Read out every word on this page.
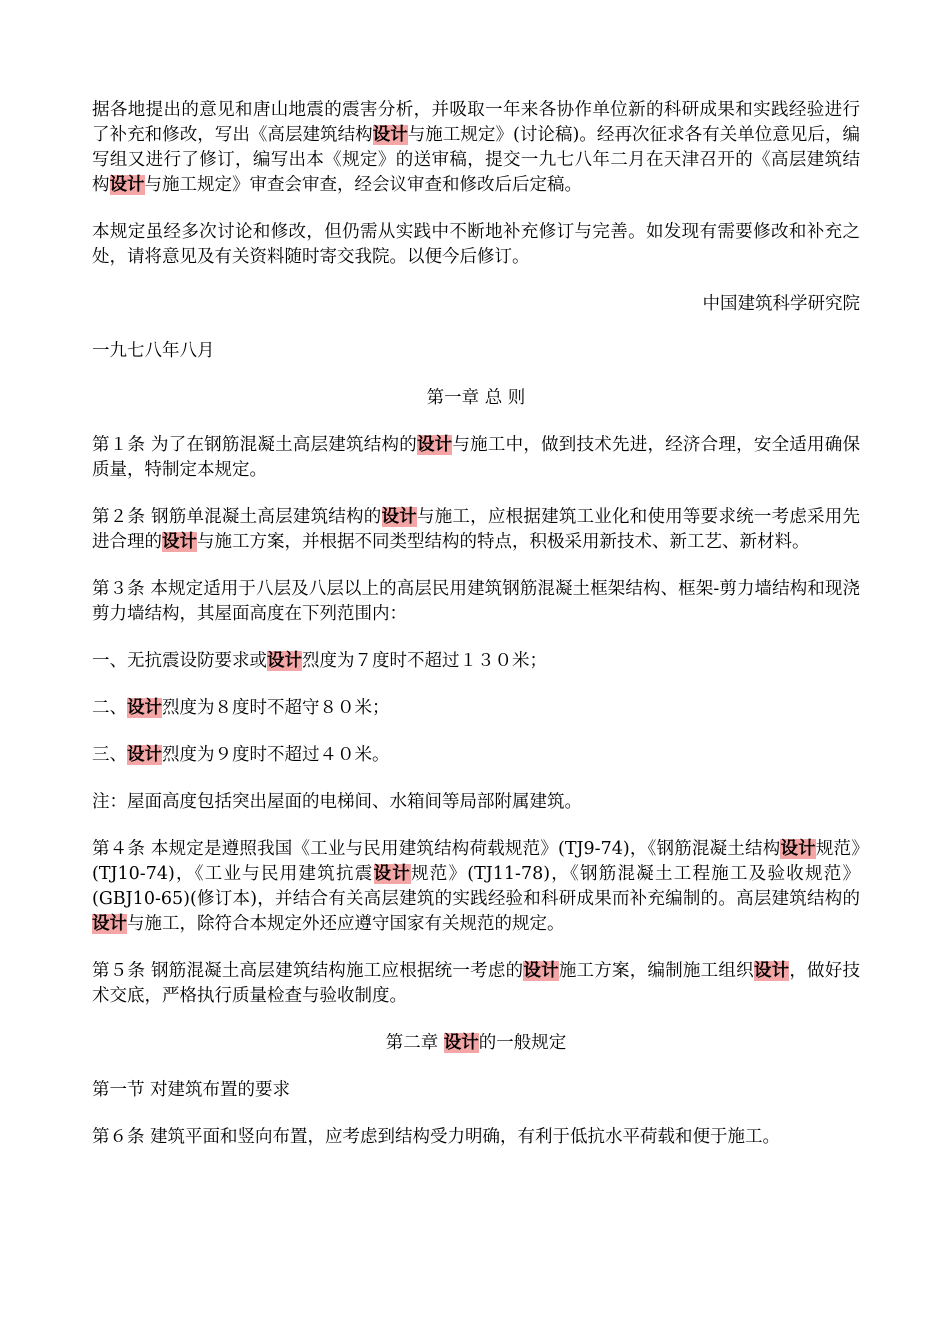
据各地提出的意见和唐山地震的震害分析，并吸取一年来各协作单位新的科研成果和实践经验进行了补充和修改，写出《高层建筑结构设计与施工规定》(讨论稿)。经再次征求各有关单位意见后，编写组又进行了修订，编写出本《规定》的送审稿，提交一九七八年二月在天津召开的《高层建筑结构设计与施工规定》审查会审查，经会议审查和修改后后定稿。

本规定虽经多次讨论和修改，但仍需从实践中不断地补充修订与完善。如发现有需要修改和补充之处，请将意见及有关资料随时寄交我院。以便今后修订。

中国建筑科学研究院

一九七八年八月

第一章 总 则

第１条 为了在钢筋混凝土高层建筑结构的设计与施工中，做到技术先进，经济合理，安全适用确保质量，特制定本规定。

第２条 钢筋单混凝土高层建筑结构的设计与施工，应根据建筑工业化和使用等要求统一考虑采用先进合理的设计与施工方案，并根据不同类型结构的特点，积极采用新技术、新工艺、新材料。

第３条 本规定适用于八层及八层以上的高层民用建筑钢筋混凝土框架结构、框架-剪力墙结构和现浇剪力墙结构，其屋面高度在下列范围内：

一、无抗震设防要求或设计烈度为７度时不超过１３０米；

二、设计烈度为８度时不超守８０米；

三、设计烈度为９度时不超过４０米。

注：屋面高度包括突出屋面的电梯间、水箱间等局部附属建筑。

第４条 本规定是遵照我国《工业与民用建筑结构荷载规范》(TJ9-74)，《钢筋混凝土结构设计规范》(TJ10-74)，《工业与民用建筑抗震设计规范》(TJ11-78)，《钢筋混凝土工程施工及验收规范》(GBJ10-65)(修订本)，并结合有关高层建筑的实践经验和科研成果而补充编制的。高层建筑结构的设计与施工，除符合本规定外还应遵守国家有关规范的规定。

第５条 钢筋混凝土高层建筑结构施工应根据统一考虑的设计施工方案，编制施工组织设计，做好技术交底，严格执行质量检查与验收制度。

第二章 设计的一般规定

第一节 对建筑布置的要求

第６条 建筑平面和竖向布置，应考虑到结构受力明确，有利于低抗水平荷载和便于施工。
